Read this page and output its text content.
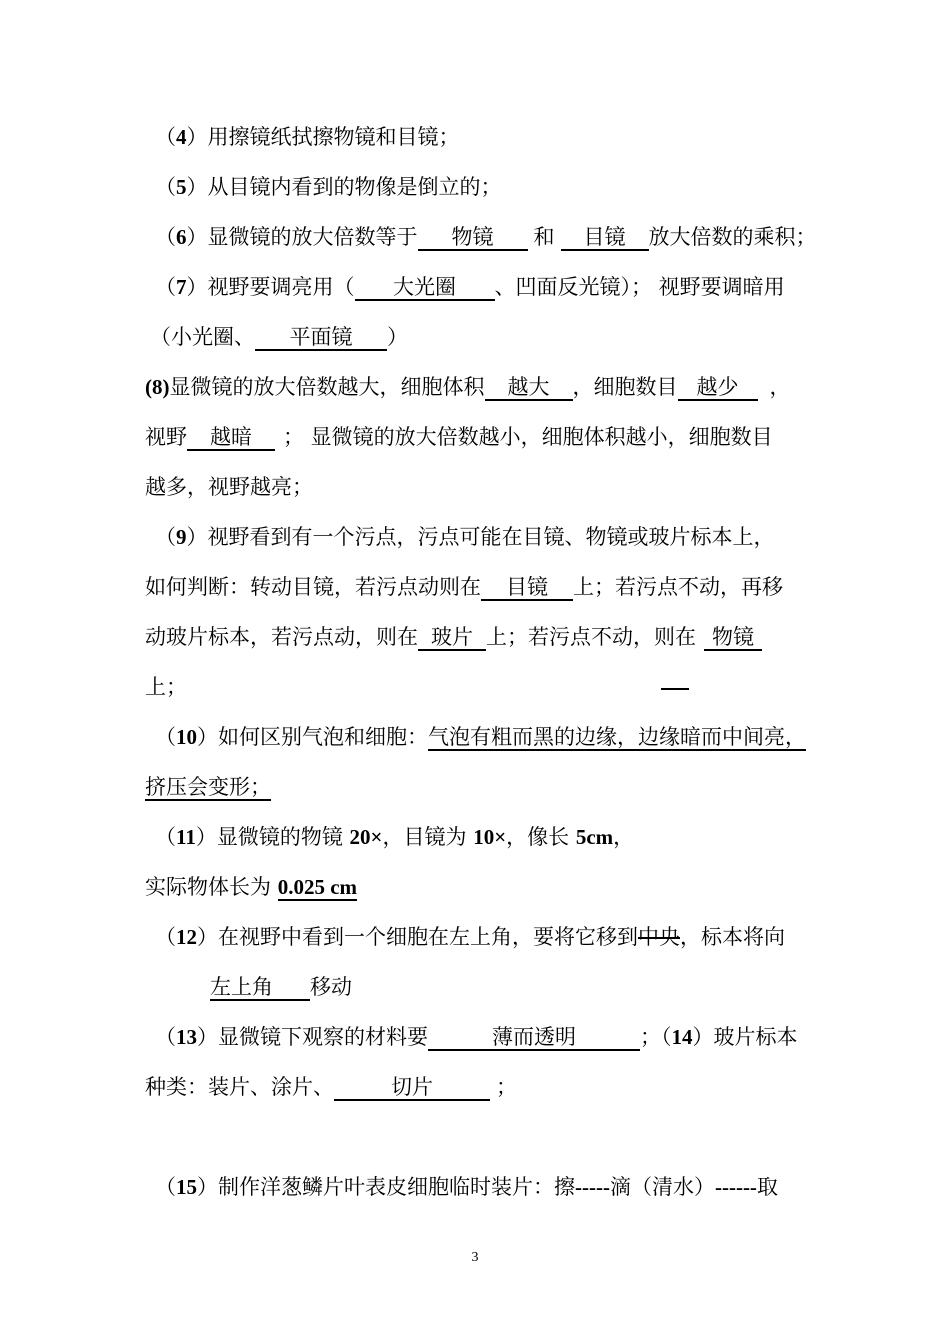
（4）用擦镜纸拭擦物镜和目镜；
（5）从目镜内看到的物像是倒立的；
（6）显微镜的放大倍数等于 物镜 和 目镜 放大倍数的乘积；
（7）视野要调亮用（ 大光圈 、凹面反光镜）； 视野要调暗用
（小光圈、 平面镜 ）
(8)显微镜的放大倍数越大，细胞体积 越大 ，细胞数目 越少 ，
视野 越暗 ； 显微镜的放大倍数越小，细胞体积越小，细胞数目
越多，视野越亮；
（9）视野看到有一个污点，污点可能在目镜、物镜或玻片标本上，
如何判断：转动目镜，若污点动则在 目镜 上；若污点不动，再移
动玻片标本，若污点动，则在 玻片 上；若污点不动，则在 物镜
上；
（10）如何区别气泡和细胞：气泡有粗而黑的边缘，边缘暗而中间亮，
挤压会变形；
（11）显微镜的物镜 20×，目镜为 10×，像长 5cm，
实际物体长为 0.025 cm
（12）在视野中看到一个细胞在左上角，要将它移到中央，标本将向
左上角 移动
（13）显微镜下观察的材料要	薄而透明	；（14）玻片标本
种类：装片、涂片、	切片	；
（15）制作洋葱鳞片叶表皮细胞临时装片：擦-----滴（清水）------取
3
